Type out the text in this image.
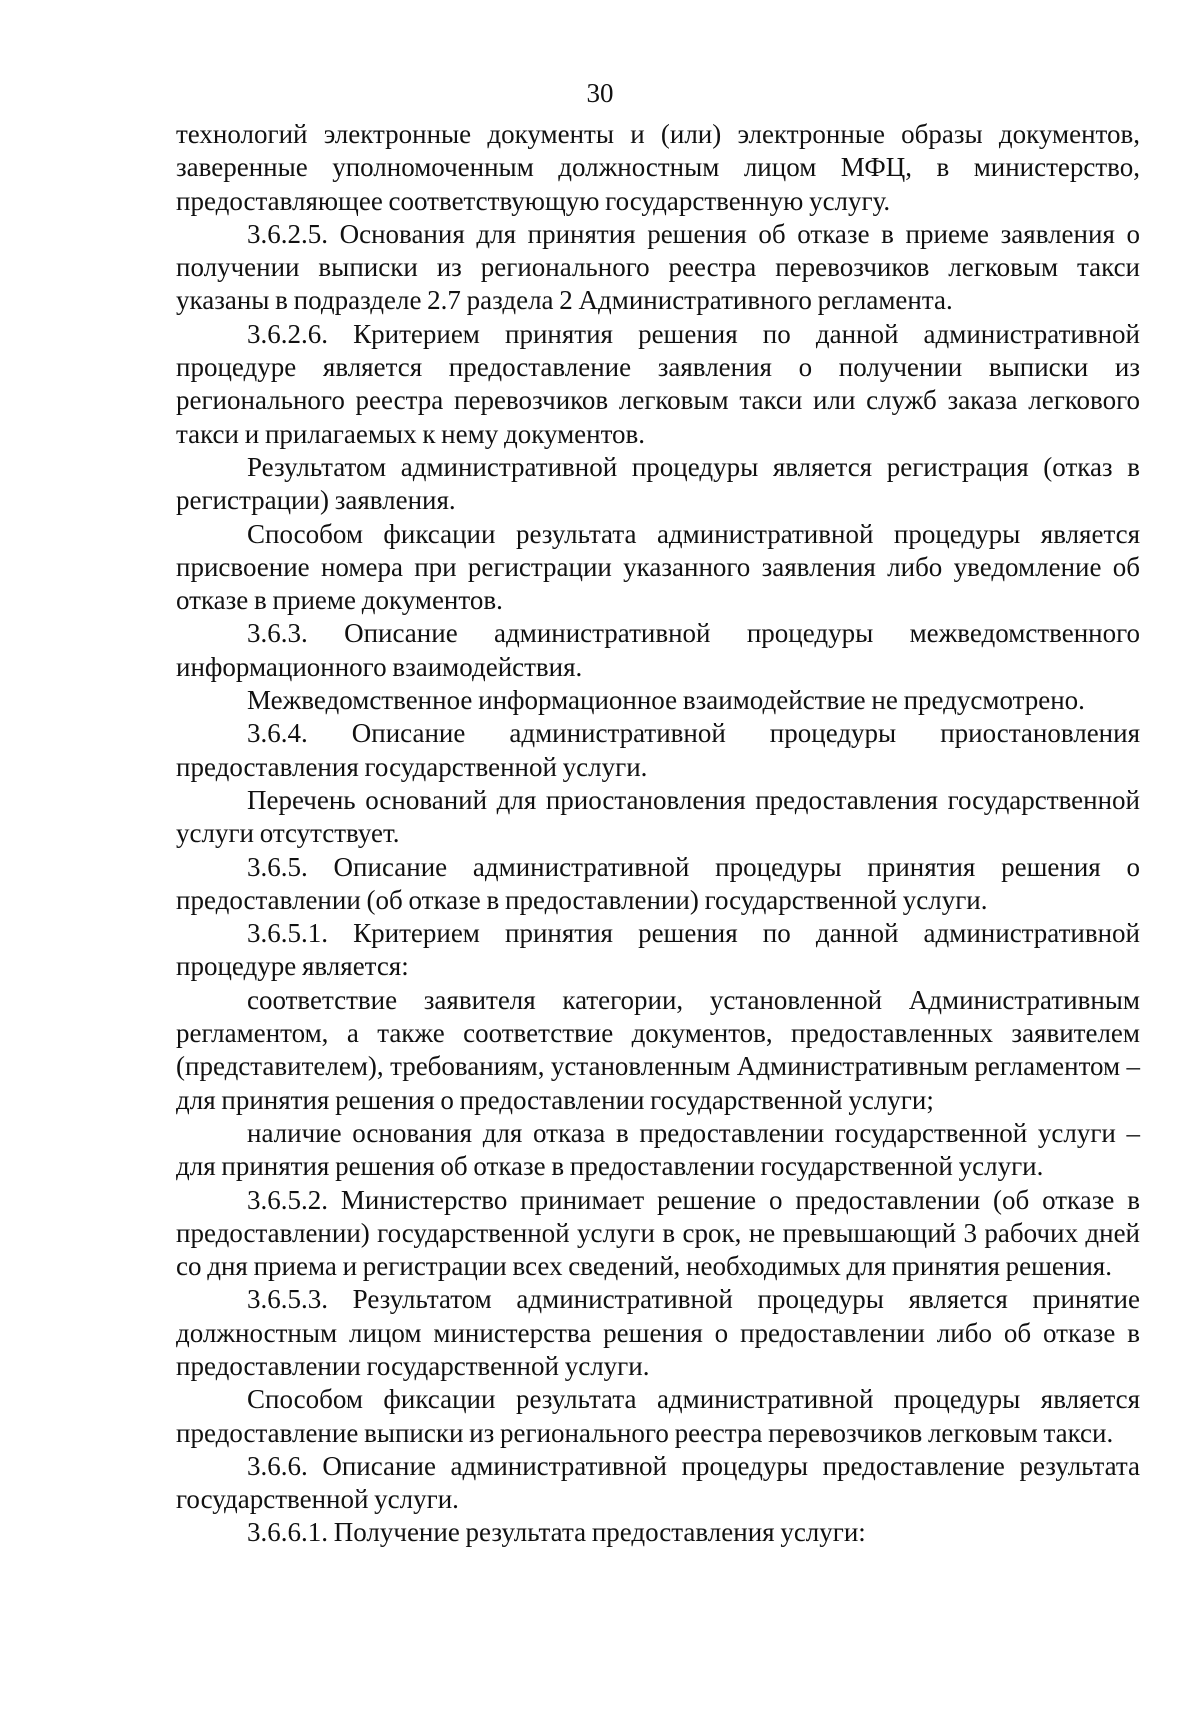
30

технологий электронные документы и (или) электронные образы документов, заверенные уполномоченным должностным лицом МФЦ, в министерство, предоставляющее соответствующую государственную услугу.

3.6.2.5. Основания для принятия решения об отказе в приеме заявления о получении выписки из регионального реестра перевозчиков легковым такси указаны в подразделе 2.7 раздела 2 Административного регламента.

3.6.2.6. Критерием принятия решения по данной административной процедуре является предоставление заявления о получении выписки из регионального реестра перевозчиков легковым такси или служб заказа легкового такси и прилагаемых к нему документов.

Результатом административной процедуры является регистрация (отказ в регистрации) заявления.

Способом фиксации результата административной процедуры является присвоение номера при регистрации указанного заявления либо уведомление об отказе в приеме документов.

3.6.3. Описание административной процедуры межведомственного информационного взаимодействия.

Межведомственное информационное взаимодействие не предусмотрено.

3.6.4. Описание административной процедуры приостановления предоставления государственной услуги.

Перечень оснований для приостановления предоставления государственной услуги отсутствует.

3.6.5. Описание административной процедуры принятия решения о предоставлении (об отказе в предоставлении) государственной услуги.

3.6.5.1. Критерием принятия решения по данной административной процедуре является:

соответствие заявителя категории, установленной Административным регламентом, а также соответствие документов, предоставленных заявителем (представителем), требованиям, установленным Административным регламентом – для принятия решения о предоставлении государственной услуги;

наличие основания для отказа в предоставлении государственной услуги – для принятия решения об отказе в предоставлении государственной услуги.

3.6.5.2. Министерство принимает решение о предоставлении (об отказе в предоставлении) государственной услуги в срок, не превышающий 3 рабочих дней со дня приема и регистрации всех сведений, необходимых для принятия решения.

3.6.5.3. Результатом административной процедуры является принятие должностным лицом министерства решения о предоставлении либо об отказе в предоставлении государственной услуги.

Способом фиксации результата административной процедуры является предоставление выписки из регионального реестра перевозчиков легковым такси.

3.6.6. Описание административной процедуры предоставление результата государственной услуги.

3.6.6.1. Получение результата предоставления услуги:
